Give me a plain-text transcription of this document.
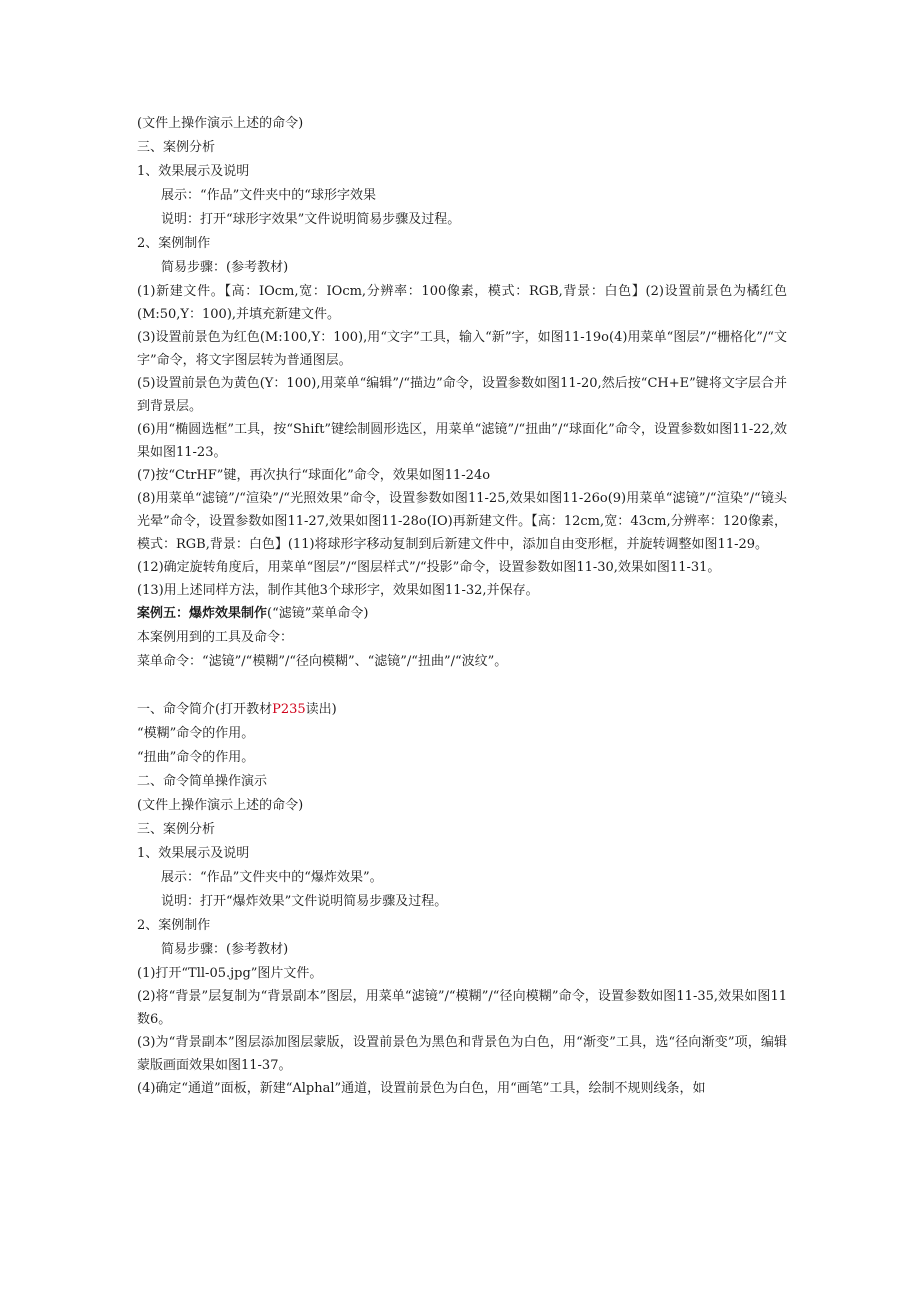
(文件上操作演示上述的命令)

三、案例分析

1、效果展示及说明

展示：“作品”文件夹中的“球形字效果

说明：打开“球形字效果”文件说明简易步骤及过程。

2、案例制作

简易步骤：(参考教材)

(1)新建文件。【高：IOcm,宽：IOcm,分辨率：100像素，模式：RGB,背景：白色】(2)设置前景色为橘红色(M:50,Y：100),并填充新建文件。

(3)设置前景色为红色(M:100,Y：100),用“文字”工具，输入“新”字，如图11-19o(4)用菜单“图层”/“栅格化”/“文字”命令，将文字图层转为普通图层。

(5)设置前景色为黄色(Y：100),用菜单“编辑”/“描边”命令，设置参数如图11-20,然后按“CH+E”键将文字层合并到背景层。

(6)用“椭圆选框”工具，按“Shift”键绘制圆形选区，用菜单“滤镜”/“扭曲”/“球面化”命令，设置参数如图11-22,效果如图11-23。

(7)按“CtrHF”键，再次执行“球面化”命令，效果如图11-24o

(8)用菜单“滤镜”/“渲染”/“光照效果”命令，设置参数如图11-25,效果如图11-26o(9)用菜单“滤镜”/“渲染”/“镜头光晕”命令，设置参数如图11-27,效果如图11-28o(IO)再新建文件。【高：12cm,宽：43cm,分辨率：120像素，模式：RGB,背景：白色】(11)将球形字移动复制到后新建文件中，添加自由变形框，并旋转调整如图11-29。

(12)确定旋转角度后，用菜单“图层”/“图层样式”/“投影”命令，设置参数如图11-30,效果如图11-31。

(13)用上述同样方法，制作其他3个球形字，效果如图11-32,并保存。

案例五：爆炸效果制作(“滤镜”菜单命令)

本案例用到的工具及命令：

菜单命令：“滤镜”/“模糊”/“径向模糊”、“滤镜”/“扭曲”/“波纹”。

一、命令简介(打开教材P235读出)

“模糊”命令的作用。

“扭曲”命令的作用。

二、命令简单操作演示

(文件上操作演示上述的命令)

三、案例分析

1、效果展示及说明

展示：“作品”文件夹中的“爆炸效果”。

说明：打开“爆炸效果”文件说明简易步骤及过程。

2、案例制作

简易步骤：(参考教材)

(1)打开“Tll-05.jpg”图片文件。

(2)将“背景”层复制为“背景副本”图层，用菜单“滤镜”/“模糊”/“径向模糊”命令，设置参数如图11-35,效果如图11数6。

(3)为“背景副本”图层添加图层蒙版，设置前景色为黑色和背景色为白色，用“渐变”工具，选“径向渐变”项，编辑蒙版画面效果如图11-37。

(4)确定“通道”面板，新建“Alphal”通道，设置前景色为白色，用“画笔”工具，绘制不规则线条，如
